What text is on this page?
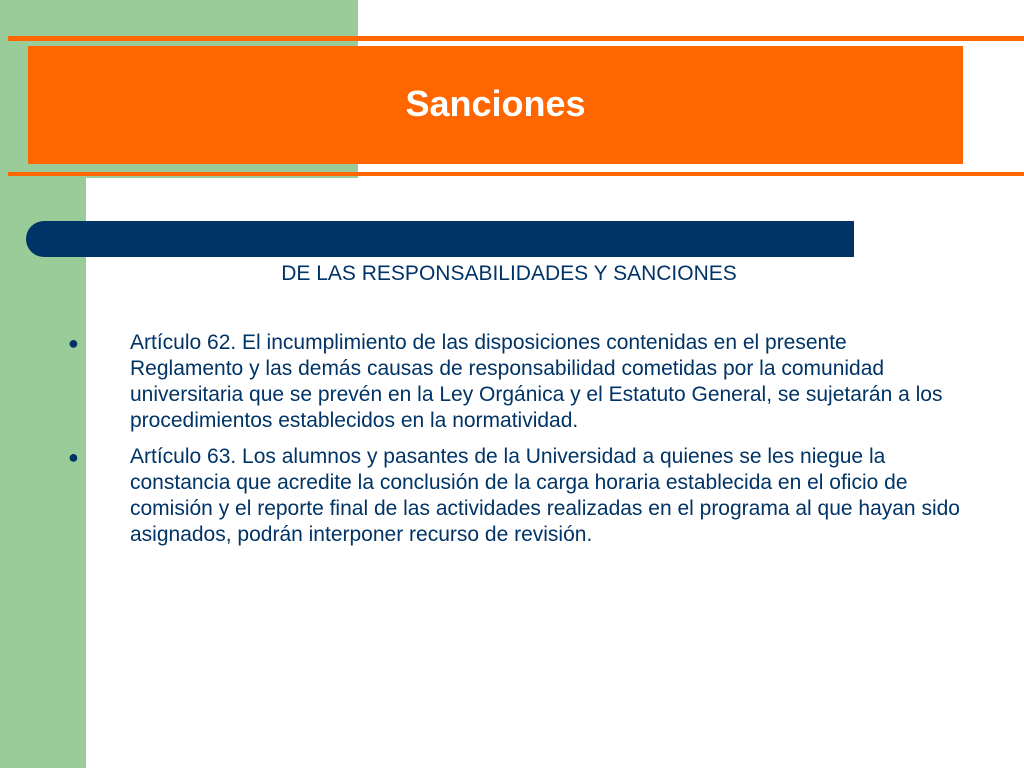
Sanciones
DE LAS RESPONSABILIDADES Y SANCIONES
●	Artículo 62. El incumplimiento de las disposiciones contenidas en el presente Reglamento y las demás causas de responsabilidad cometidas por la comunidad universitaria que se prevén en la Ley Orgánica y el Estatuto General, se sujetarán a los procedimientos establecidos en la normatividad.
●	Artículo 63. Los alumnos y pasantes de la Universidad a quienes se les niegue la constancia que acredite la conclusión de la carga horaria establecida en el oficio de comisión y el reporte final de las actividades realizadas en el programa al que hayan sido asignados, podrán interponer recurso de revisión.
